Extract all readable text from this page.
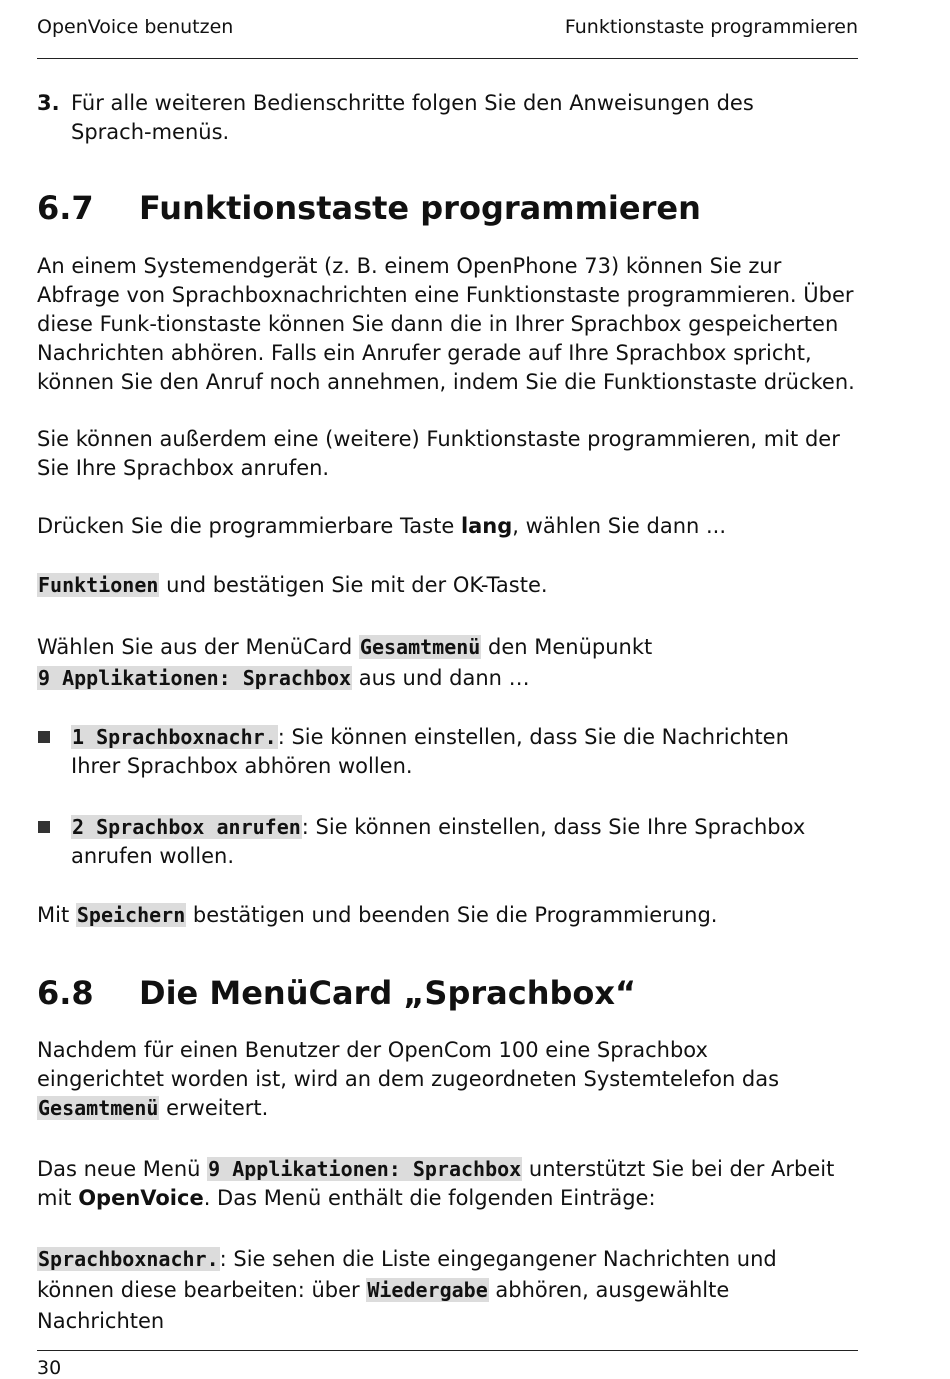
OpenVoice benutzen	Funktionstaste programmieren
3. Für alle weiteren Bedienschritte folgen Sie den Anweisungen des Sprach-menüs.
6.7 Funktionstaste programmieren
An einem Systemendgerät (z. B. einem OpenPhone 73) können Sie zur Abfrage von Sprachboxnachrichten eine Funktionstaste programmieren. Über diese Funk-tionstaste können Sie dann die in Ihrer Sprachbox gespeicherten Nachrichten abhören. Falls ein Anrufer gerade auf Ihre Sprachbox spricht, können Sie den Anruf noch annehmen, indem Sie die Funktionstaste drücken.
Sie können außerdem eine (weitere) Funktionstaste programmieren, mit der Sie Ihre Sprachbox anrufen.
Drücken Sie die programmierbare Taste lang, wählen Sie dann ...
Funktionen und bestätigen Sie mit der OK-Taste.
Wählen Sie aus der MenüCard Gesamtmenü den Menüpunkt
9 Applikationen: Sprachbox aus und dann …
1 Sprachboxnachr.: Sie können einstellen, dass Sie die Nachrichten Ihrer Sprachbox abhören wollen.
2 Sprachbox anrufen: Sie können einstellen, dass Sie Ihre Sprachbox anrufen wollen.
Mit Speichern bestätigen und beenden Sie die Programmierung.
6.8 Die MenüCard „Sprachbox“
Nachdem für einen Benutzer der OpenCom 100 eine Sprachbox eingerichtet worden ist, wird an dem zugeordneten Systemtelefon das Gesamtmenü erweitert.
Das neue Menü 9 Applikationen: Sprachbox unterstützt Sie bei der Arbeit mit OpenVoice. Das Menü enthält die folgenden Einträge:
Sprachboxnachr.: Sie sehen die Liste eingegangener Nachrichten und können diese bearbeiten: über Wiedergabe abhören, ausgewählte Nachrichten
30
